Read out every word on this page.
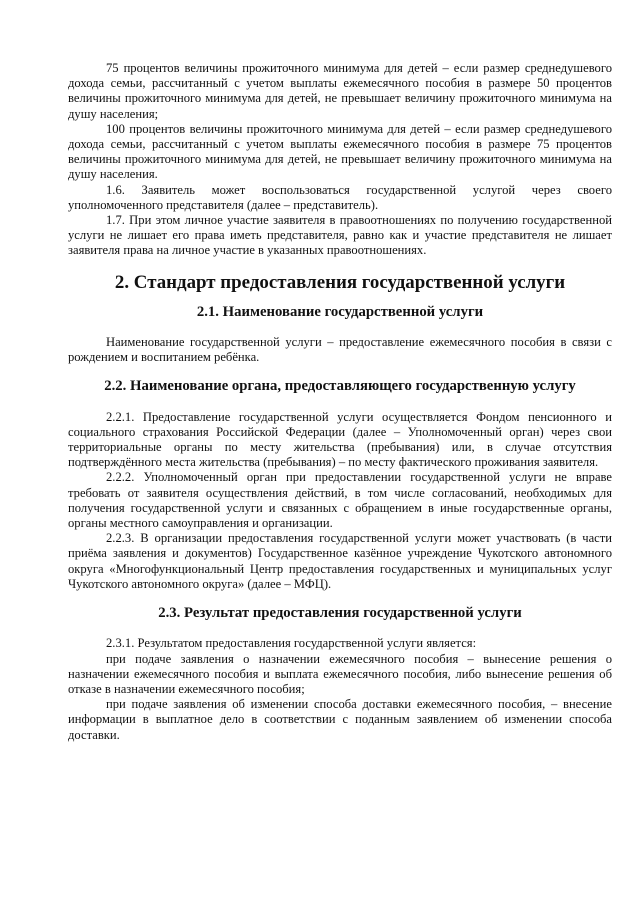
75 процентов величины прожиточного минимума для детей – если размер среднедушевого дохода семьи, рассчитанный с учетом выплаты ежемесячного пособия в размере 50 процентов величины прожиточного минимума для детей, не превышает величину прожиточного минимума на душу населения;

100 процентов величины прожиточного минимума для детей – если размер среднедушевого дохода семьи, рассчитанный с учетом выплаты ежемесячного пособия в размере 75 процентов величины прожиточного минимума для детей, не превышает величину прожиточного минимума на душу населения.

1.6. Заявитель может воспользоваться государственной услугой через своего уполномоченного представителя (далее – представитель).

1.7. При этом личное участие заявителя в правоотношениях по получению государственной услуги не лишает его права иметь представителя, равно как и участие представителя не лишает заявителя права на личное участие в указанных правоотношениях.

2. Стандарт предоставления государственной услуги
2.1. Наименование государственной услуги

Наименование государственной услуги – предоставление ежемесячного пособия в связи с рождением и воспитанием ребёнка.

2.2. Наименование органа, предоставляющего государственную услугу

2.2.1. Предоставление государственной услуги осуществляется Фондом пенсионного и социального страхования Российской Федерации (далее – Уполномоченный орган) через свои территориальные органы по месту жительства (пребывания) или, в случае отсутствия подтверждённого места жительства (пребывания) – по месту фактического проживания заявителя.

2.2.2. Уполномоченный орган при предоставлении государственной услуги не вправе требовать от заявителя осуществления действий, в том числе согласований, необходимых для получения государственной услуги и связанных с обращением в иные государственные органы, органы местного самоуправления и организации.

2.2.3. В организации предоставления государственной услуги может участвовать (в части приёма заявления и документов) Государственное казённое учреждение Чукотского автономного округа «Многофункциональный Центр предоставления государственных и муниципальных услуг Чукотского автономного округа» (далее – МФЦ).

2.3. Результат предоставления государственной услуги

2.3.1. Результатом предоставления государственной услуги является:

при подаче заявления о назначении ежемесячного пособия – вынесение решения о назначении ежемесячного пособия и выплата ежемесячного пособия, либо вынесение решения об отказе в назначении ежемесячного пособия;

при подаче заявления об изменении способа доставки ежемесячного пособия, – внесение информации в выплатное дело в соответствии с поданным заявлением об изменении способа доставки.
